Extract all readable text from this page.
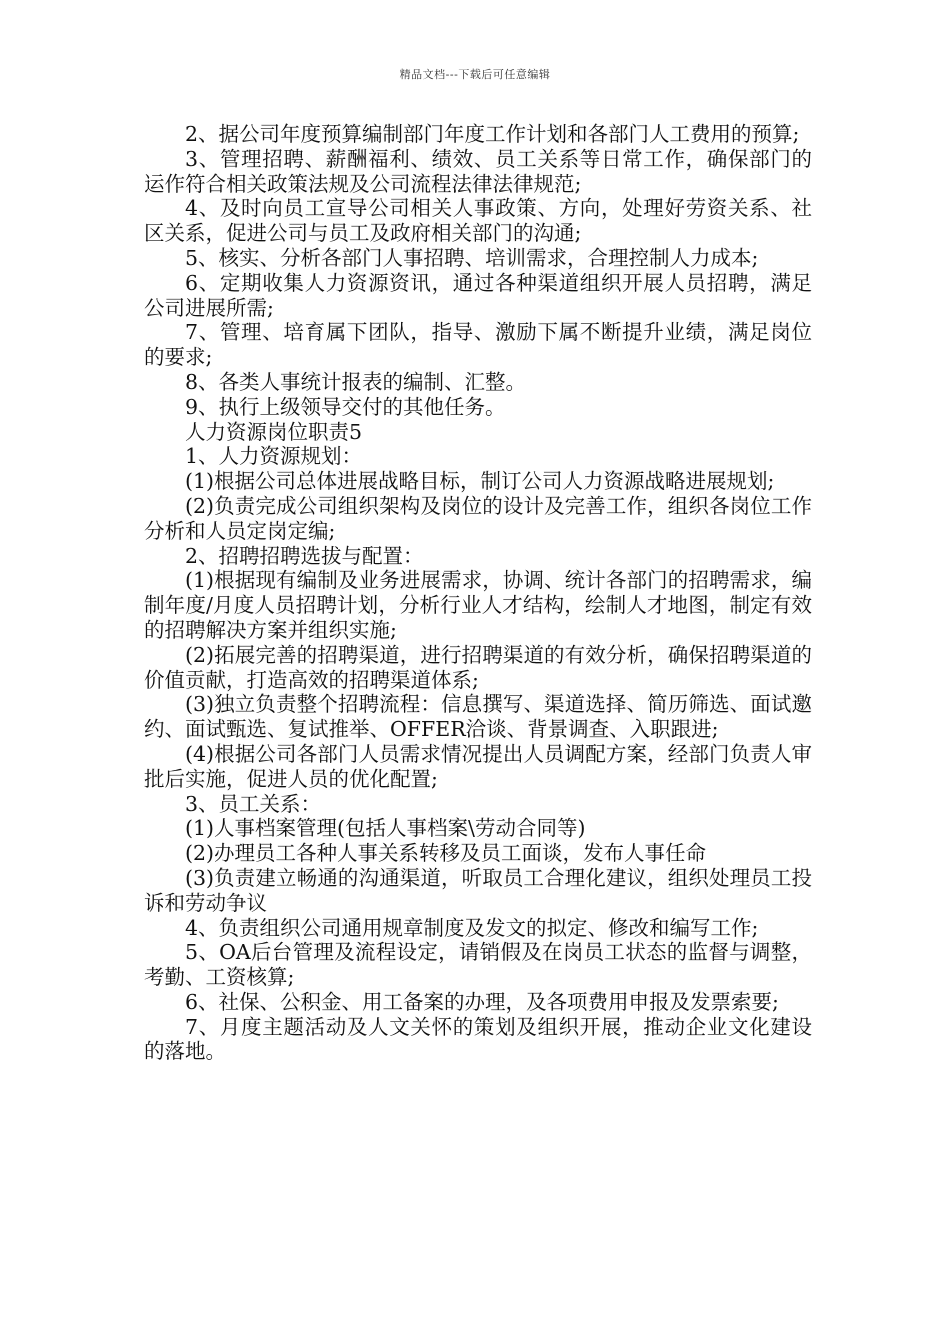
精品文档---下载后可任意编辑

2、据公司年度预算编制部门年度工作计划和各部门人工费用的预算;

3、管理招聘、薪酬福利、绩效、员工关系等日常工作，确保部门的运作符合相关政策法规及公司流程法律法律规范;

4、及时向员工宣导公司相关人事政策、方向，处理好劳资关系、社区关系，促进公司与员工及政府相关部门的沟通;

5、核实、分析各部门人事招聘、培训需求，合理控制人力成本;

6、定期收集人力资源资讯，通过各种渠道组织开展人员招聘，满足公司进展所需;

7、管理、培育属下团队，指导、激励下属不断提升业绩，满足岗位的要求;

8、各类人事统计报表的编制、汇整。

9、执行上级领导交付的其他任务。

人力资源岗位职责5

1、人力资源规划：

(1)根据公司总体进展战略目标，制订公司人力资源战略进展规划;

(2)负责完成公司组织架构及岗位的设计及完善工作，组织各岗位工作分析和人员定岗定编;

2、招聘招聘选拔与配置：

(1)根据现有编制及业务进展需求，协调、统计各部门的招聘需求，编制年度/月度人员招聘计划，分析行业人才结构，绘制人才地图，制定有效的招聘解决方案并组织实施;

(2)拓展完善的招聘渠道，进行招聘渠道的有效分析，确保招聘渠道的价值贡献，打造高效的招聘渠道体系;

(3)独立负责整个招聘流程：信息撰写、渠道选择、简历筛选、面试邀约、面试甄选、复试推举、OFFER洽谈、背景调查、入职跟进;

(4)根据公司各部门人员需求情况提出人员调配方案，经部门负责人审批后实施，促进人员的优化配置;

3、员工关系：

(1)人事档案管理(包括人事档案\劳动合同等)

(2)办理员工各种人事关系转移及员工面谈，发布人事任命

(3)负责建立畅通的沟通渠道，听取员工合理化建议，组织处理员工投诉和劳动争议

4、负责组织公司通用规章制度及发文的拟定、修改和编写工作;

5、OA后台管理及流程设定，请销假及在岗员工状态的监督与调整，考勤、工资核算;

6、社保、公积金、用工备案的办理，及各项费用申报及发票索要;

7、月度主题活动及人文关怀的策划及组织开展，推动企业文化建设的落地。
